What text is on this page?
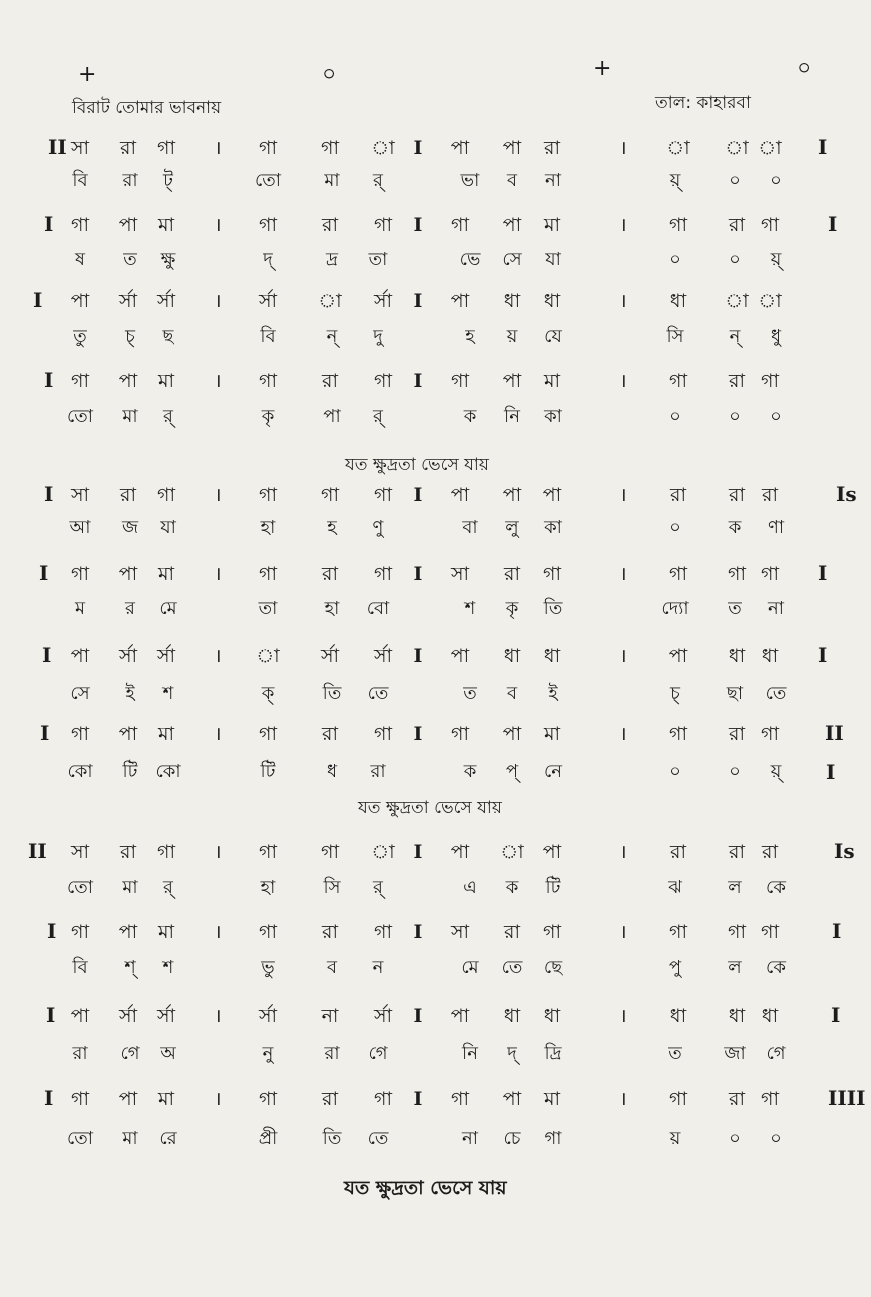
+	০	+	০
বিরাট তোমার ভাবনায়	তাল: কাহারবা
যত ক্ষুদ্রতা ভেসে যায়
যত ক্ষুদ্রতা ভেসে যায়
যত ক্ষুদ্রতা ভেসে যায়
II সা রা গা । গা গা া I পা পা রা	। া া া I
বি রা ট্	তো মা র্	ভা ব না	য়্	০ ০
I গা পা মা । গা রা গা I গা পা মা	। গা রা গা I
ষ ত ক্ষু	দ্	দ্র তা	ভে সে যা	০	০ য়্
I পা র্সা র্সা । র্সা া র্সা I পা ধা ধা	। ধা া া
তু চ্ ছ	বি	ন্ দু	হ য় যে	সি	ন্ ধু
I গা পা মা । গা রা গা I গা পা মা	। গা রা গা
তো মা র্	কৃ	পা র্	ক নি কা	০	০ ০
I সা রা গা । গা গা গা I পা পা পা	। রা রা রা	Is
আ জ যা	হা	হ ণু	বা লু কা	০	ক ণা
I গা পা মা । গা রা গা I সা রা গা	। গা গা গা I
ম র মে	তা	হা বো	শ কৃ তি	দ্যো ত না
I পা র্সা র্সা । া র্সা র্সা I পা ধা ধা	। পা ধা ধা I
সে ই শ	ক্	তি তে	ত ব ই	চ্	ছা তে
I গা পা মা । গা রা গা I গা পা মা	। গা রা গা II
কো টি কো	টি	ধ রা	ক প্ নে	০	০ য়্ I
II সা রা গা । গা গা া I পা া পা	। রা রা রা	Is
তো মা র্	হা	সি র্	এ ক টি	ঝ	ল কে
I গা পা মা । গা রা গা I সা রা গা	। গা গা গা	I
বি শ্ শ	ভু	ব ন	মে তে ছে	পু	ল কে
I পা র্সা র্সা । র্সা না র্সা I পা ধা ধা	। ধা ধা ধা	I
রা গে অ	নু	রা গে	নি দ্ দ্রি	ত জা গে
I গা পা মা । গা রা গা I গা পা মা	। গা রা গা IIII
তো মা রে	প্রী	তি তে	না চে গা	য়	০ ০
